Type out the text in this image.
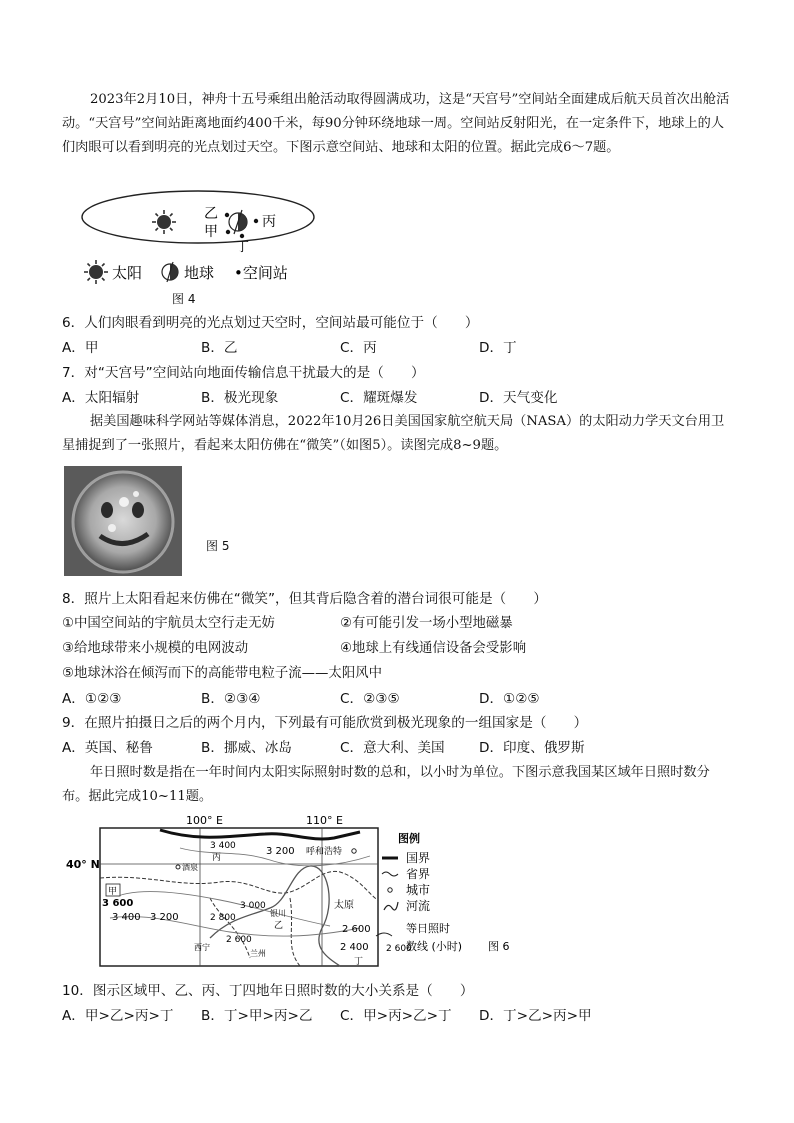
2023年2月10日，神舟十五号乘组出舱活动取得圆满成功，这是“天宫号”空间站全面建成后航天员首次出舱活动。“天宫号”空间站距离地面约400千米，每90分钟环绕地球一周。空间站反射阳光，在一定条件下，地球上的人们肉眼可以看到明亮的光点划过天空。下图示意空间站、地球和太阳的位置。据此完成6～7题。

乙
甲
丙
丁
太阳	地球 •空间站
图 4

6．人们肉眼看到明亮的光点划过天空时，空间站最可能位于（　　）

A．甲	B．乙	C．丙	D．丁

7．对“天宫号”空间站向地面传输信息干扰最大的是（　　）

A．太阳辐射	B．极光现象	C．耀斑爆发	D．天气变化

据美国趣味科学网站等媒体消息，2022年10月26日美国国家航空航天局（NASA）的太阳动力学天文台用卫星捕捉到了一张照片，看起来太阳仿佛在“微笑”（如图5）。读图完成8~9题。

图 5

8．照片上太阳看起来仿佛在“微笑”，但其背后隐含着的潜台词很可能是（　　）

①中国空间站的宇航员太空行走无妨	②有可能引发一场小型地磁暴
③给地球带来小规模的电网波动	④地球上有线通信设备会受影响
⑤地球沐浴在倾泻而下的高能带电粒子流——太阳风中
A．①②③	B．②③④	C．②③⑤	D．①②⑤

9．在照片拍摄日之后的两个月内，下列最有可能欣赏到极光现象的一组国家是（　　）

A．英国、秘鲁	B．挪威、冰岛	C．意大利、美国	D．印度、俄罗斯

年日照时数是指在一年时间内太阳实际照射时数的总和，以小时为单位。下图示意我国某区域年日照时数分布。据此完成10~11题。

100° E	110° E
40° N	丙
甲
乙
丁
呼和浩特
酒泉
银川
太原
西宁
兰州
3 400	3 200
3 600
3 400 3 200
3 000
2 800
2 600
2 600
2 400 2 600
图例
国界
省界
城市
河流
等日照时
数线 (小时) 图 6

10．图示区域甲、乙、丙、丁四地年日照时数的大小关系是（　　）

A．甲>乙>丙>丁 B．丁>甲>丙>乙 C．甲>丙>乙>丁 D．丁>乙>丙>甲
